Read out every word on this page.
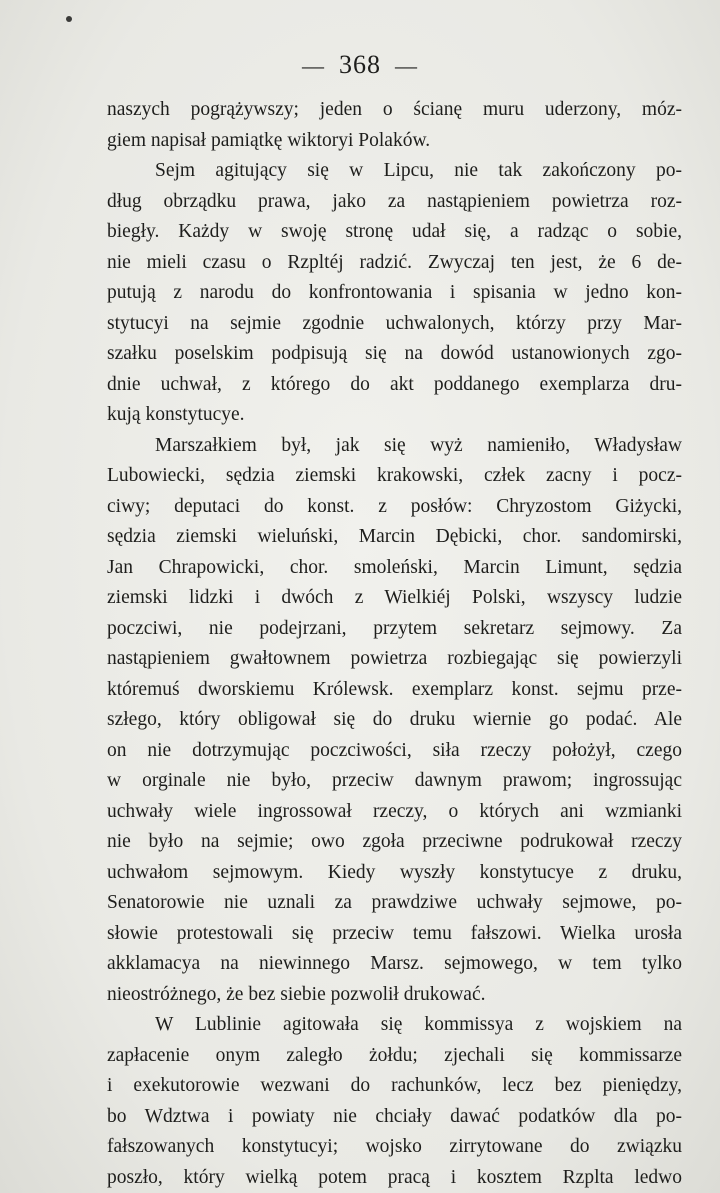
— 368 —
naszych pogrążywszy; jeden o ścianę muru uderzony, móz-
giem napisał pamiątkę wiktoryi Polaków.
Sejm agitujący się w Lipcu, nie tak zakończony po-
dług obrządku prawa, jako za nastąpieniem powietrza roz-
biegły. Każdy w swoję stronę udał się, a radząc o sobie,
nie mieli czasu o Rzpltéj radzić. Zwyczaj ten jest, że 6 de-
putują z narodu do konfrontowania i spisania w jedno kon-
stytucyi na sejmie zgodnie uchwalonych, którzy przy Mar-
szałku poselskim podpisują się na dowód ustanowionych zgo-
dnie uchwał, z którego do akt poddanego exemplarza dru-
kują konstytucye.
Marszałkiem był, jak się wyż namieniło, Władysław
Lubowiecki, sędzia ziemski krakowski, człek zacny i pocz-
ciwy; deputaci do konst. z posłów: Chryzostom Giżycki,
sędzia ziemski wieluński, Marcin Dębicki, chor. sandomirski,
Jan Chrapowicki, chor. smoleński, Marcin Limunt, sędzia
ziemski lidzki i dwóch z Wielkiéj Polski, wszyscy ludzie
poczciwi, nie podejrzani, przytem sekretarz sejmowy. Za
nastąpieniem gwałtownem powietrza rozbiegając się powierzyli
któremuś dworskiemu Królewsk. exemplarz konst. sejmu prze-
szłego, który obligował się do druku wiernie go podać. Ale
on nie dotrzymując poczciwości, siła rzeczy położył, czego
w orginale nie było, przeciw dawnym prawom; ingrossując
uchwały wiele ingrossował rzeczy, o których ani wzmianki
nie było na sejmie; owo zgoła przeciwne podrukował rzeczy
uchwałom sejmowym. Kiedy wyszły konstytucye z druku,
Senatorowie nie uznali za prawdziwe uchwały sejmowe, po-
słowie protestowali się przeciw temu fałszowi. Wielka urosła
akklamacya na niewinnego Marsz. sejmowego, w tem tylko
nieostróżnego, że bez siebie pozwolił drukować.
W Lublinie agitowała się kommissya z wojskiem na
zapłacenie onym zaległo żołdu; zjechali się kommissarze
i exekutorowie wezwani do rachunków, lecz bez pieniędzy,
bo Wdztwa i powiaty nie chciały dawać podatków dla po-
fałszowanych konstytucyi; wojsko zirrytowane do związku
poszło, który wielką potem pracą i kosztem Rzplta ledwo
